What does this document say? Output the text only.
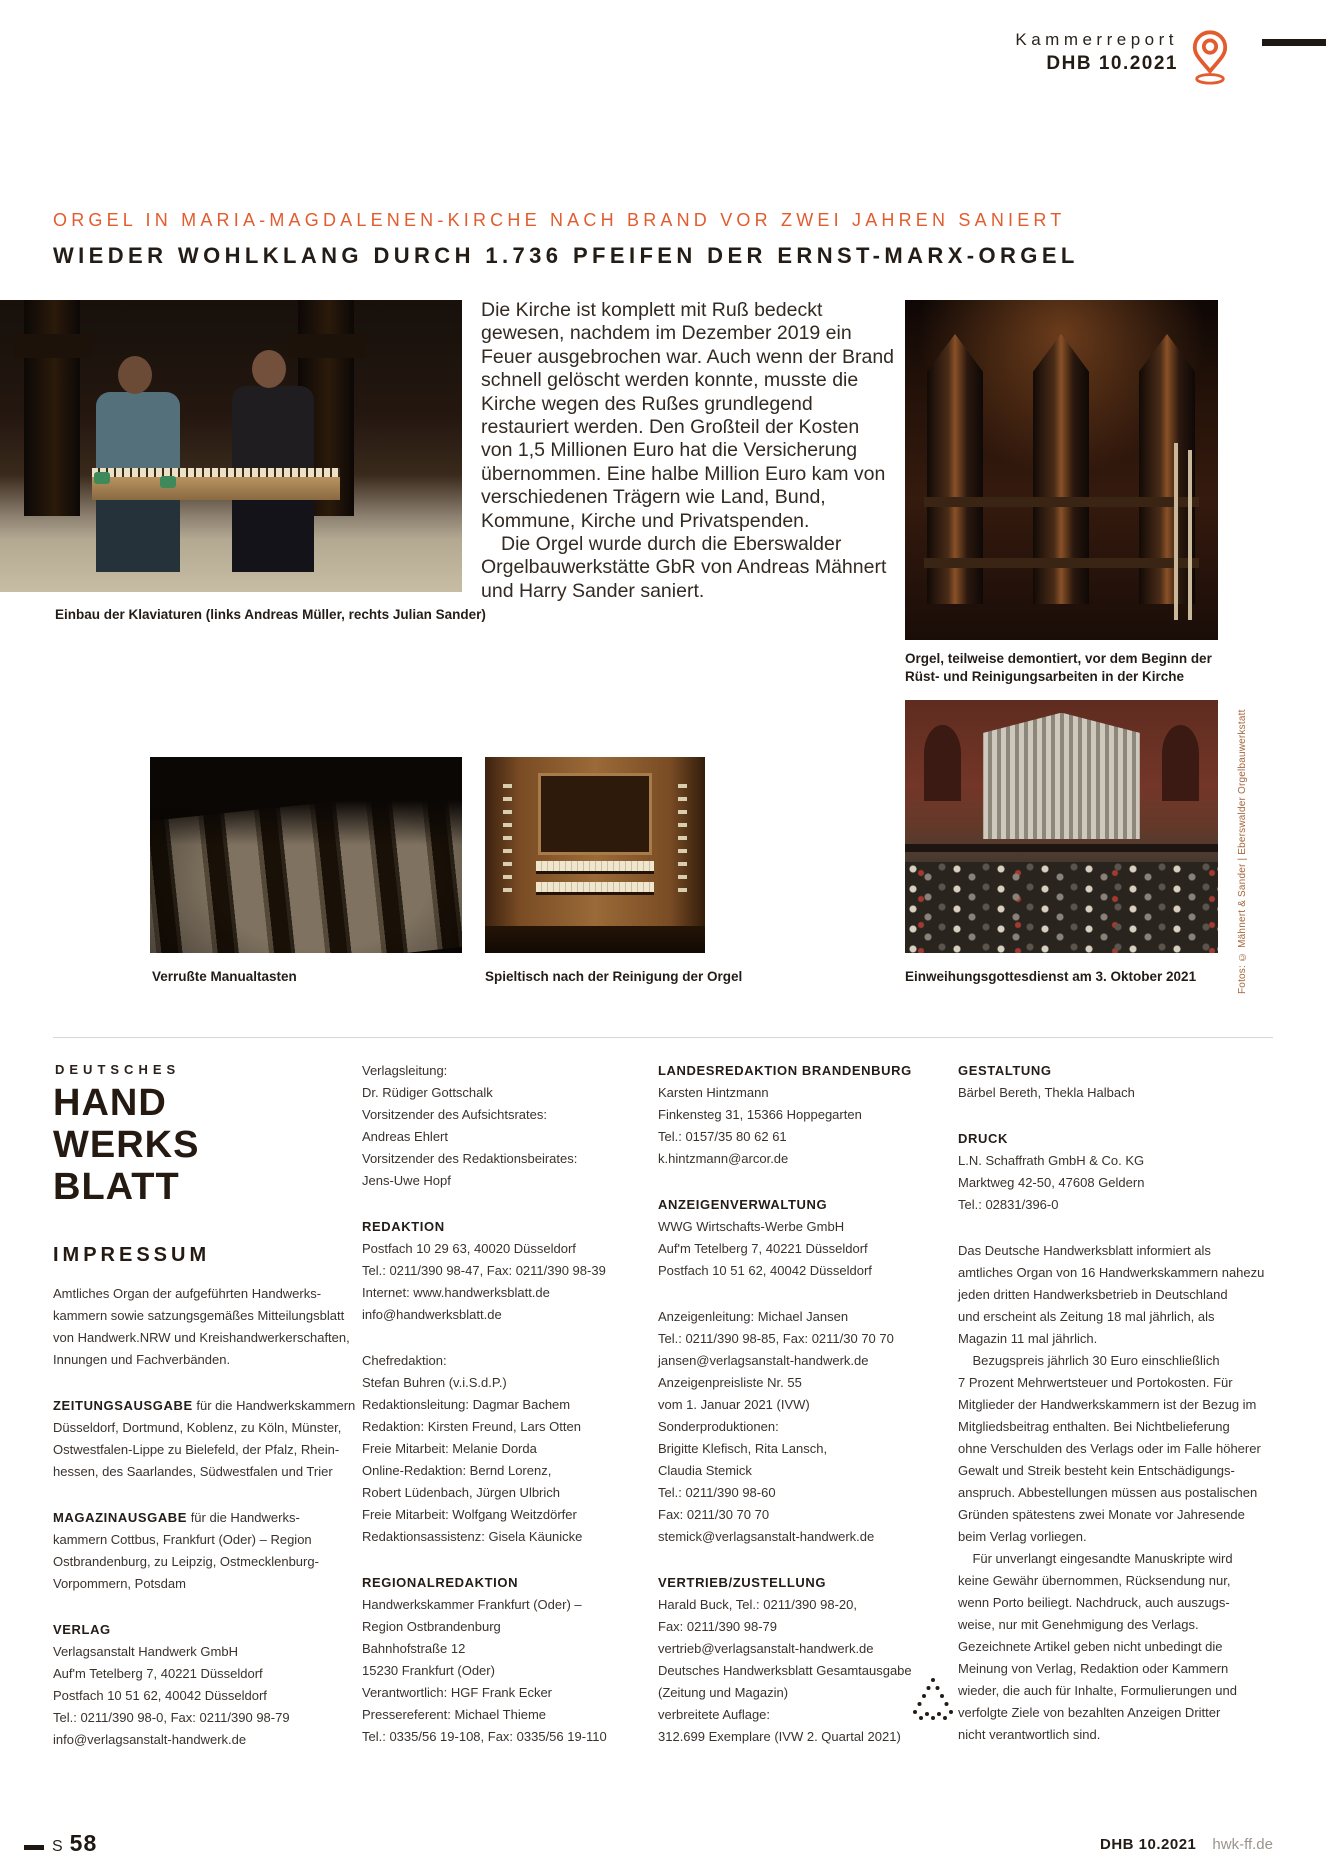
Kammerreport
DHB 10.2021
ORGEL IN MARIA-MAGDALENEN-KIRCHE NACH BRAND VOR ZWEI JAHREN SANIERT
WIEDER WOHLKLANG DURCH 1.736 PFEIFEN DER ERNST-MARX-ORGEL

Die Kirche ist komplett mit Ruß bedeckt gewesen, nachdem im Dezember 2019 ein Feuer ausgebrochen war. Auch wenn der Brand schnell gelöscht werden konnte, musste die Kirche wegen des Rußes grundlegend restauriert werden. Den Großteil der Kosten von 1,5 Millionen Euro hat die Versicherung übernommen. Eine halbe Million Euro kam von verschiedenen Trägern wie Land, Bund, Kommune, Kirche und Privatspenden.

Die Orgel wurde durch die Eberswalder Orgelbauwerkstätte GbR von Andreas Mähnert und Harry Sander saniert.

Einbau der Klaviaturen (links Andreas Müller, rechts Julian Sander)
Orgel, teilweise demontiert, vor dem Beginn der Rüst- und Reinigungsarbeiten in der Kirche
Verrußte Manualtasten	Spieltisch nach der Reinigung der Orgel	Einweihungsgottesdienst am 3. Oktober 2021	Fotos: © Mähnert & Sander | Eberswalder Orgelbauwerkstatt
DEUTSCHES
HAND
WERKS
BLATT
IMPRESSUM
Amtliches Organ der aufgeführten Handwerks-
kammern sowie satzungsgemäßes Mitteilungsblatt
von Handwerk.NRW und Kreishandwerkerschaften,
Innungen und Fachverbänden.
ZEITUNGSAUSGABE für die Handwerkskammern
Düsseldorf, Dortmund, Koblenz, zu Köln, Münster,
Ostwestfalen-Lippe zu Bielefeld, der Pfalz, Rhein-
hessen, des Saarlandes, Südwestfalen und Trier
MAGAZINAUSGABE für die Handwerks-
kammern Cottbus, Frankfurt (Oder) – Region
Ostbrandenburg, zu Leipzig, Ostmecklenburg-
Vorpommern, Potsdam
VERLAG
Verlagsanstalt Handwerk GmbH
Auf'm Tetelberg 7, 40221 Düsseldorf
Postfach 10 51 62, 40042 Düsseldorf
Tel.: 0211/390 98-0, Fax: 0211/390 98-79
info@verlagsanstalt-handwerk.de
Verlagsleitung:
Dr. Rüdiger Gottschalk
Vorsitzender des Aufsichtsrates:
Andreas Ehlert
Vorsitzender des Redaktionsbeirates:
Jens-Uwe Hopf
REDAKTION
Postfach 10 29 63, 40020 Düsseldorf
Tel.: 0211/390 98-47, Fax: 0211/390 98-39
Internet: www.handwerksblatt.de
info@handwerksblatt.de
Chefredaktion:
Stefan Buhren (v.i.S.d.P.)
Redaktionsleitung: Dagmar Bachem
Redaktion: Kirsten Freund, Lars Otten
Freie Mitarbeit: Melanie Dorda
Online-Redaktion: Bernd Lorenz,
Robert Lüdenbach, Jürgen Ulbrich
Freie Mitarbeit: Wolfgang Weitzdörfer
Redaktionsassistenz: Gisela Käunicke
REGIONALREDAKTION
Handwerkskammer Frankfurt (Oder) –
Region Ostbrandenburg
Bahnhofstraße 12
15230 Frankfurt (Oder)
Verantwortlich: HGF Frank Ecker
Pressereferent: Michael Thieme
Tel.: 0335/56 19-108, Fax: 0335/56 19-110
LANDESREDAKTION BRANDENBURG
Karsten Hintzmann
Finkensteg 31, 15366 Hoppegarten
Tel.: 0157/35 80 62 61
k.hintzmann@arcor.de
ANZEIGENVERWALTUNG
WWG Wirtschafts-Werbe GmbH
Auf'm Tetelberg 7, 40221 Düsseldorf
Postfach 10 51 62, 40042 Düsseldorf
Anzeigenleitung: Michael Jansen
Tel.: 0211/390 98-85, Fax: 0211/30 70 70
jansen@verlagsanstalt-handwerk.de
Anzeigenpreisliste Nr. 55
vom 1. Januar 2021 (IVW)
Sonderproduktionen:
Brigitte Klefisch, Rita Lansch,
Claudia Stemick
Tel.: 0211/390 98-60
Fax: 0211/30 70 70
stemick@verlagsanstalt-handwerk.de
VERTRIEB/ZUSTELLUNG
Harald Buck, Tel.: 0211/390 98-20,
Fax: 0211/390 98-79
vertrieb@verlagsanstalt-handwerk.de
Deutsches Handwerksblatt Gesamtausgabe
(Zeitung und Magazin)
verbreitete Auflage:
312.699 Exemplare (IVW 2. Quartal 2021)
GESTALTUNG
Bärbel Bereth, Thekla Halbach
DRUCK
L.N. Schaffrath GmbH & Co. KG
Marktweg 42-50, 47608 Geldern
Tel.: 02831/396-0
Das Deutsche Handwerksblatt informiert als
amtliches Organ von 16 Handwerkskammern nahezu
jeden dritten Handwerksbetrieb in Deutschland
und erscheint als Zeitung 18 mal jährlich, als
Magazin 11 mal jährlich.
Bezugspreis jährlich 30 Euro einschließlich
7 Prozent Mehrwertsteuer und Portokosten. Für
Mitglieder der Handwerkskammern ist der Bezug im
Mitgliedsbeitrag enthalten. Bei Nichtbelieferung
ohne Verschulden des Verlags oder im Falle höherer
Gewalt und Streik besteht kein Entschädigungs-
anspruch. Abbestellungen müssen aus postalischen
Gründen spätestens zwei Monate vor Jahresende
beim Verlag vorliegen.
Für unverlangt eingesandte Manuskripte wird
keine Gewähr übernommen, Rücksendung nur,
wenn Porto beiliegt. Nachdruck, auch auszugs-
weise, nur mit Genehmigung des Verlags.
Gezeichnete Artikel geben nicht unbedingt die
Meinung von Verlag, Redaktion oder Kammern
wieder, die auch für Inhalte, Formulierungen und
verfolgte Ziele von bezahlten Anzeigen Dritter
nicht verantwortlich sind.
S 58	DHB 10.2021 hwk-ff.de
